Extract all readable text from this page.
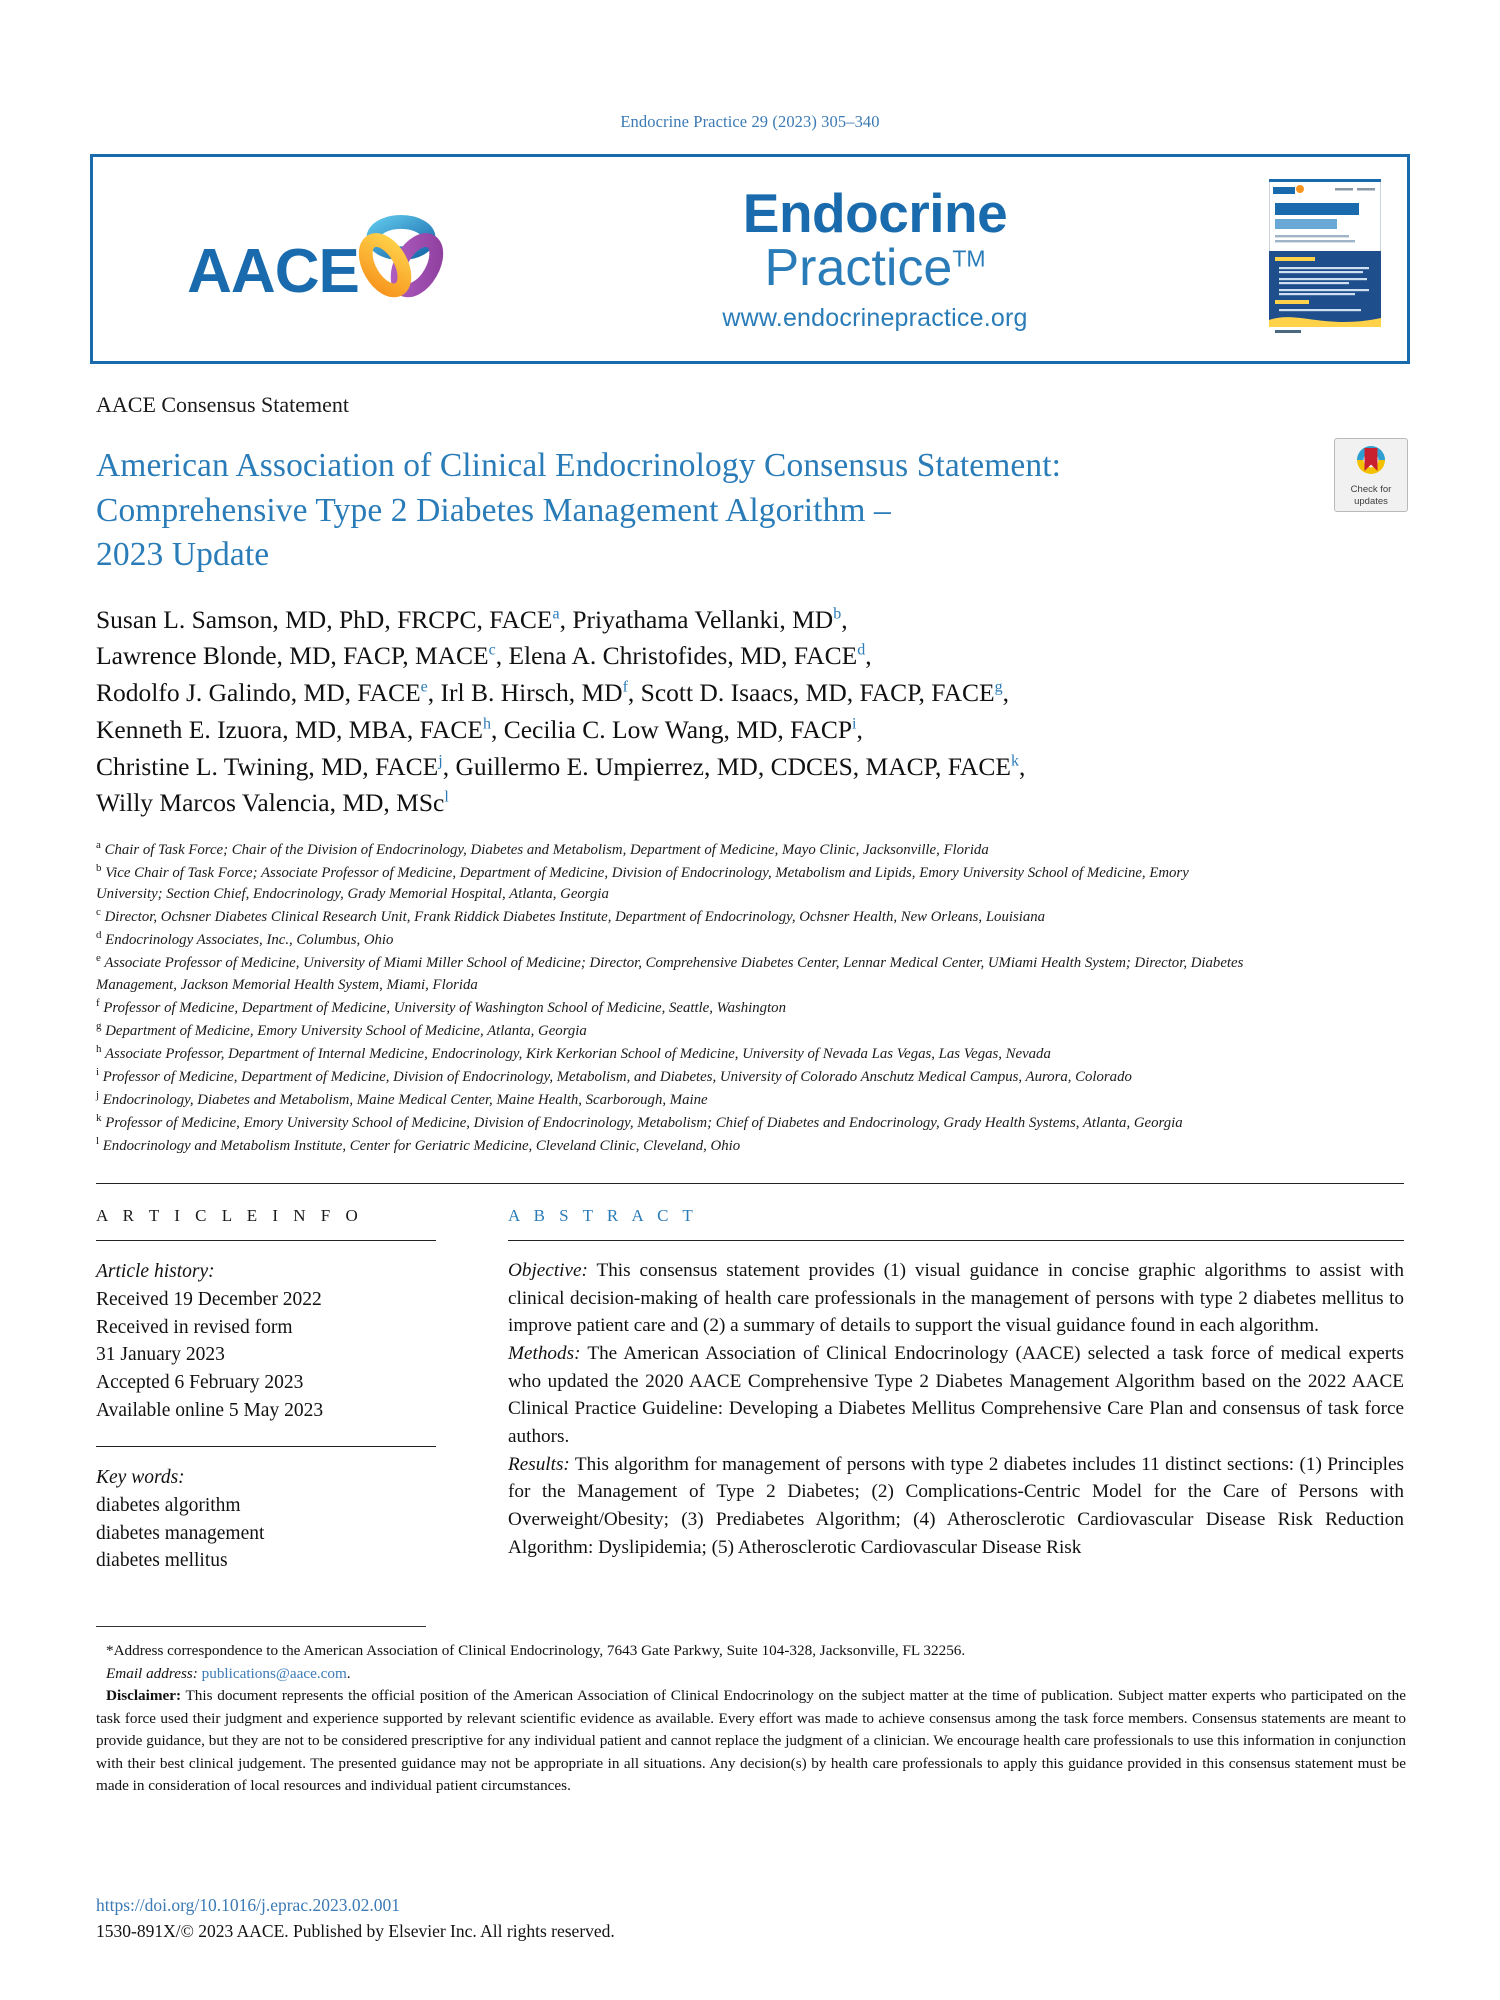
Endocrine Practice 29 (2023) 305–340
AACE
Endocrine
Practice™
www.endocrinepractice.org
AACE Consensus Statement
American Association of Clinical Endocrinology Consensus Statement:
Comprehensive Type 2 Diabetes Management Algorithm –
2023 Update
Check for
updates
Susan L. Samson, MD, PhD, FRCPC, FACE$^a$, Priyathama Vellanki, $MD^b$,
Lawrence Blonde, MD, FACP, MACE$^c$, Elena A. Christofides, MD, FACE$^d$,
Rodolfo J. Galindo, MD, FACE$^e$, Irl B. Hirsch, $MD^f$, Scott D. Isaacs, MD, FACP, FACE$^g$,
Kenneth E. Izuora, MD, MBA, FACE$^h$, Cecilia C. Low Wang, MD, FACP$^i$,
Christine L. Twining, MD, FACE$^j$, Guillermo E. Umpierrez, MD, CDCES, MACP, FACE$^k$,
Willy Marcos Valencia, MD, MSc$^l$

$^a$ Chair of Task Force; Chair of the Division of Endocrinology, Diabetes and Metabolism, Department of Medicine, Mayo Clinic, Jacksonville, Florida

$^b$ Vice Chair of Task Force; Associate Professor of Medicine, Department of Medicine, Division of Endocrinology, Metabolism and Lipids, Emory University School of Medicine, Emory University; Section Chief, Endocrinology, Grady Memorial Hospital, Atlanta, Georgia

$^c$ Director, Ochsner Diabetes Clinical Research Unit, Frank Riddick Diabetes Institute, Department of Endocrinology, Ochsner Health, New Orleans, Louisiana

$^d$ Endocrinology Associates, Inc., Columbus, Ohio

$^e$ Associate Professor of Medicine, University of Miami Miller School of Medicine; Director, Comprehensive Diabetes Center, Lennar Medical Center, UMiami Health System; Director, Diabetes Management, Jackson Memorial Health System, Miami, Florida

$^f$ Professor of Medicine, Department of Medicine, University of Washington School of Medicine, Seattle, Washington

$^g$ Department of Medicine, Emory University School of Medicine, Atlanta, Georgia

$^h$ Associate Professor, Department of Internal Medicine, Endocrinology, Kirk Kerkorian School of Medicine, University of Nevada Las Vegas, Las Vegas, Nevada

$^i$ Professor of Medicine, Department of Medicine, Division of Endocrinology, Metabolism, and Diabetes, University of Colorado Anschutz Medical Campus, Aurora, Colorado

$^j$ Endocrinology, Diabetes and Metabolism, Maine Medical Center, Maine Health, Scarborough, Maine

$^k$ Professor of Medicine, Emory University School of Medicine, Division of Endocrinology, Metabolism; Chief of Diabetes and Endocrinology, Grady Health Systems, Atlanta, Georgia

$^l$ Endocrinology and Metabolism Institute, Center for Geriatric Medicine, Cleveland Clinic, Cleveland, Ohio

A R T I C L E I N F O
Article history:
Received 19 December 2022
Received in revised form
31 January 2023
Accepted 6 February 2023
Available online 5 May 2023
Key words:
diabetes algorithm
diabetes management
diabetes mellitus
A B S T R A C T

Objective: This consensus statement provides (1) visual guidance in concise graphic algorithms to assist with clinical decision-making of health care professionals in the management of persons with type 2 diabetes mellitus to improve patient care and (2) a summary of details to support the visual guidance found in each algorithm.

Methods: The American Association of Clinical Endocrinology (AACE) selected a task force of medical experts who updated the 2020 AACE Comprehensive Type 2 Diabetes Management Algorithm based on the 2022 AACE Clinical Practice Guideline: Developing a Diabetes Mellitus Comprehensive Care Plan and consensus of task force authors.

Results: This algorithm for management of persons with type 2 diabetes includes 11 distinct sections: (1) Principles for the Management of Type 2 Diabetes; (2) Complications-Centric Model for the Care of Persons with Overweight/Obesity; (3) Prediabetes Algorithm; (4) Atherosclerotic Cardiovascular Disease Risk Reduction Algorithm: Dyslipidemia; (5) Atherosclerotic Cardiovascular Disease Risk

*Address correspondence to the American Association of Clinical Endocrinology, 7643 Gate Parkwy, Suite 104-328, Jacksonville, FL 32256.

Email address: publications@aace.com.

Disclaimer: This document represents the official position of the American Association of Clinical Endocrinology on the subject matter at the time of publication. Subject matter experts who participated on the task force used their judgment and experience supported by relevant scientific evidence as available. Every effort was made to achieve consensus among the task force members. Consensus statements are meant to provide guidance, but they are not to be considered prescriptive for any individual patient and cannot replace the judgment of a clinician. We encourage health care professionals to use this information in conjunction with their best clinical judgement. The presented guidance may not be appropriate in all situations. Any decision(s) by health care professionals to apply this guidance provided in this consensus statement must be made in consideration of local resources and individual patient circumstances.

https://doi.org/10.1016/j.eprac.2023.02.001
1530-891X/© 2023 AACE. Published by Elsevier Inc. All rights reserved.
